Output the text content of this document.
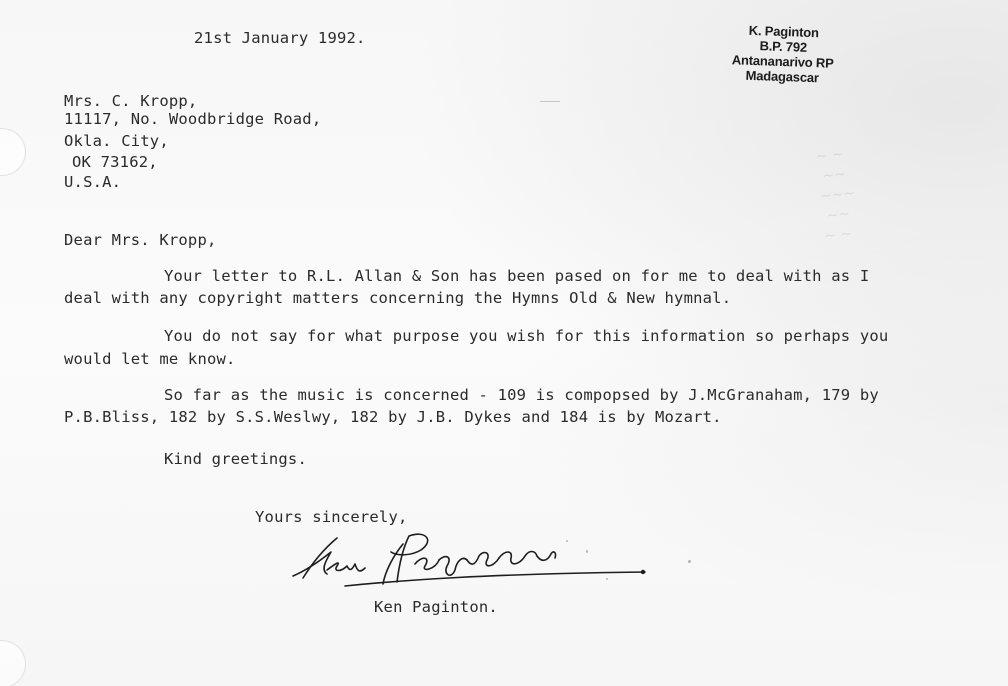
~ ~
~~
~~~
~~
~ ~
21st January 1992.	K. Paginton
B.P. 792
Antananarivo RP
Madagascar
Mrs. C. Kropp,
11117, No. Woodbridge Road,
Okla. City,
OK 73162,
U.S.A.
Dear Mrs. Kropp,
Your letter to R.L. Allan & Son has been pased on for me to deal with as I
deal with any copyright matters concerning the Hymns Old & New hymnal.
You do not say for what purpose you wish for this information so perhaps you
would let me know.
So far as the music is concerned - 109 is compopsed by J.McGranaham, 179 by
P.B.Bliss, 182 by S.S.Weslwy, 182 by J.B. Dykes and 184 is by Mozart.
Kind greetings.
Yours sincerely,
Ken Paginton.
